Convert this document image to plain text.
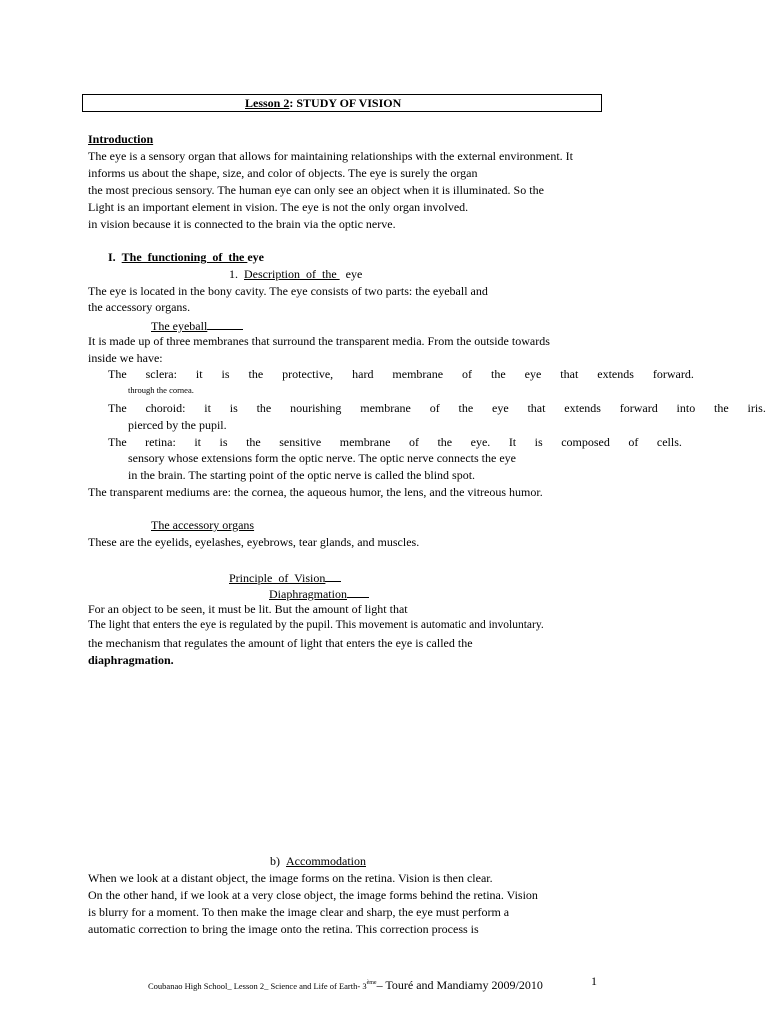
Lesson 2: STUDY OF VISION
Introduction
The eye is a sensory organ that allows for maintaining relationships with the external environment. It
informs us about the shape, size, and color of objects. The eye is surely the organ
the most precious sensory. The human eye can only see an object when it is illuminated. So the
Light is an important element in vision. The eye is not the only organ involved.
in vision because it is connected to the brain via the optic nerve.
I. The  functioning  of  the eye
1. Description  of  the   eye
The eye is located in the bony cavity. The eye consists of two parts: the eyeball and
the accessory organs.
The eyeball
It is made up of three membranes that surround the transparent media. From the outside towards
inside we have:
The sclera: it is the protective, hard membrane of the eye that extends forward.
through the cornea.
The choroid: it is the nourishing membrane of the eye that extends forward into the iris.
pierced by the pupil.
The retina: it is the sensitive membrane of the eye. It is composed of cells.
sensory whose extensions form the optic nerve. The optic nerve connects the eye
in the brain. The starting point of the optic nerve is called the blind spot.
The transparent mediums are: the cornea, the aqueous humor, the lens, and the vitreous humor.
The accessory organs
These are the eyelids, eyelashes, eyebrows, tear glands, and muscles.
Principle  of  Vision
Diaphragmation
For an object to be seen, it must be lit. But the amount of light that
The light that enters the eye is regulated by the pupil. This movement is automatic and involuntary.
the mechanism that regulates the amount of light that enters the eye is called the
diaphragmation.
b) Accommodation
When we look at a distant object, the image forms on the retina. Vision is then clear.
On the other hand, if we look at a very close object, the image forms behind the retina. Vision
is blurry for a moment. To then make the image clear and sharp, the eye must perform a
automatic correction to bring the image onto the retina. This correction process is
Coubanao High School_ Lesson 2_ Science and Life of Earth- 3ème– Touré and Mandiamy 2009/2010	1
